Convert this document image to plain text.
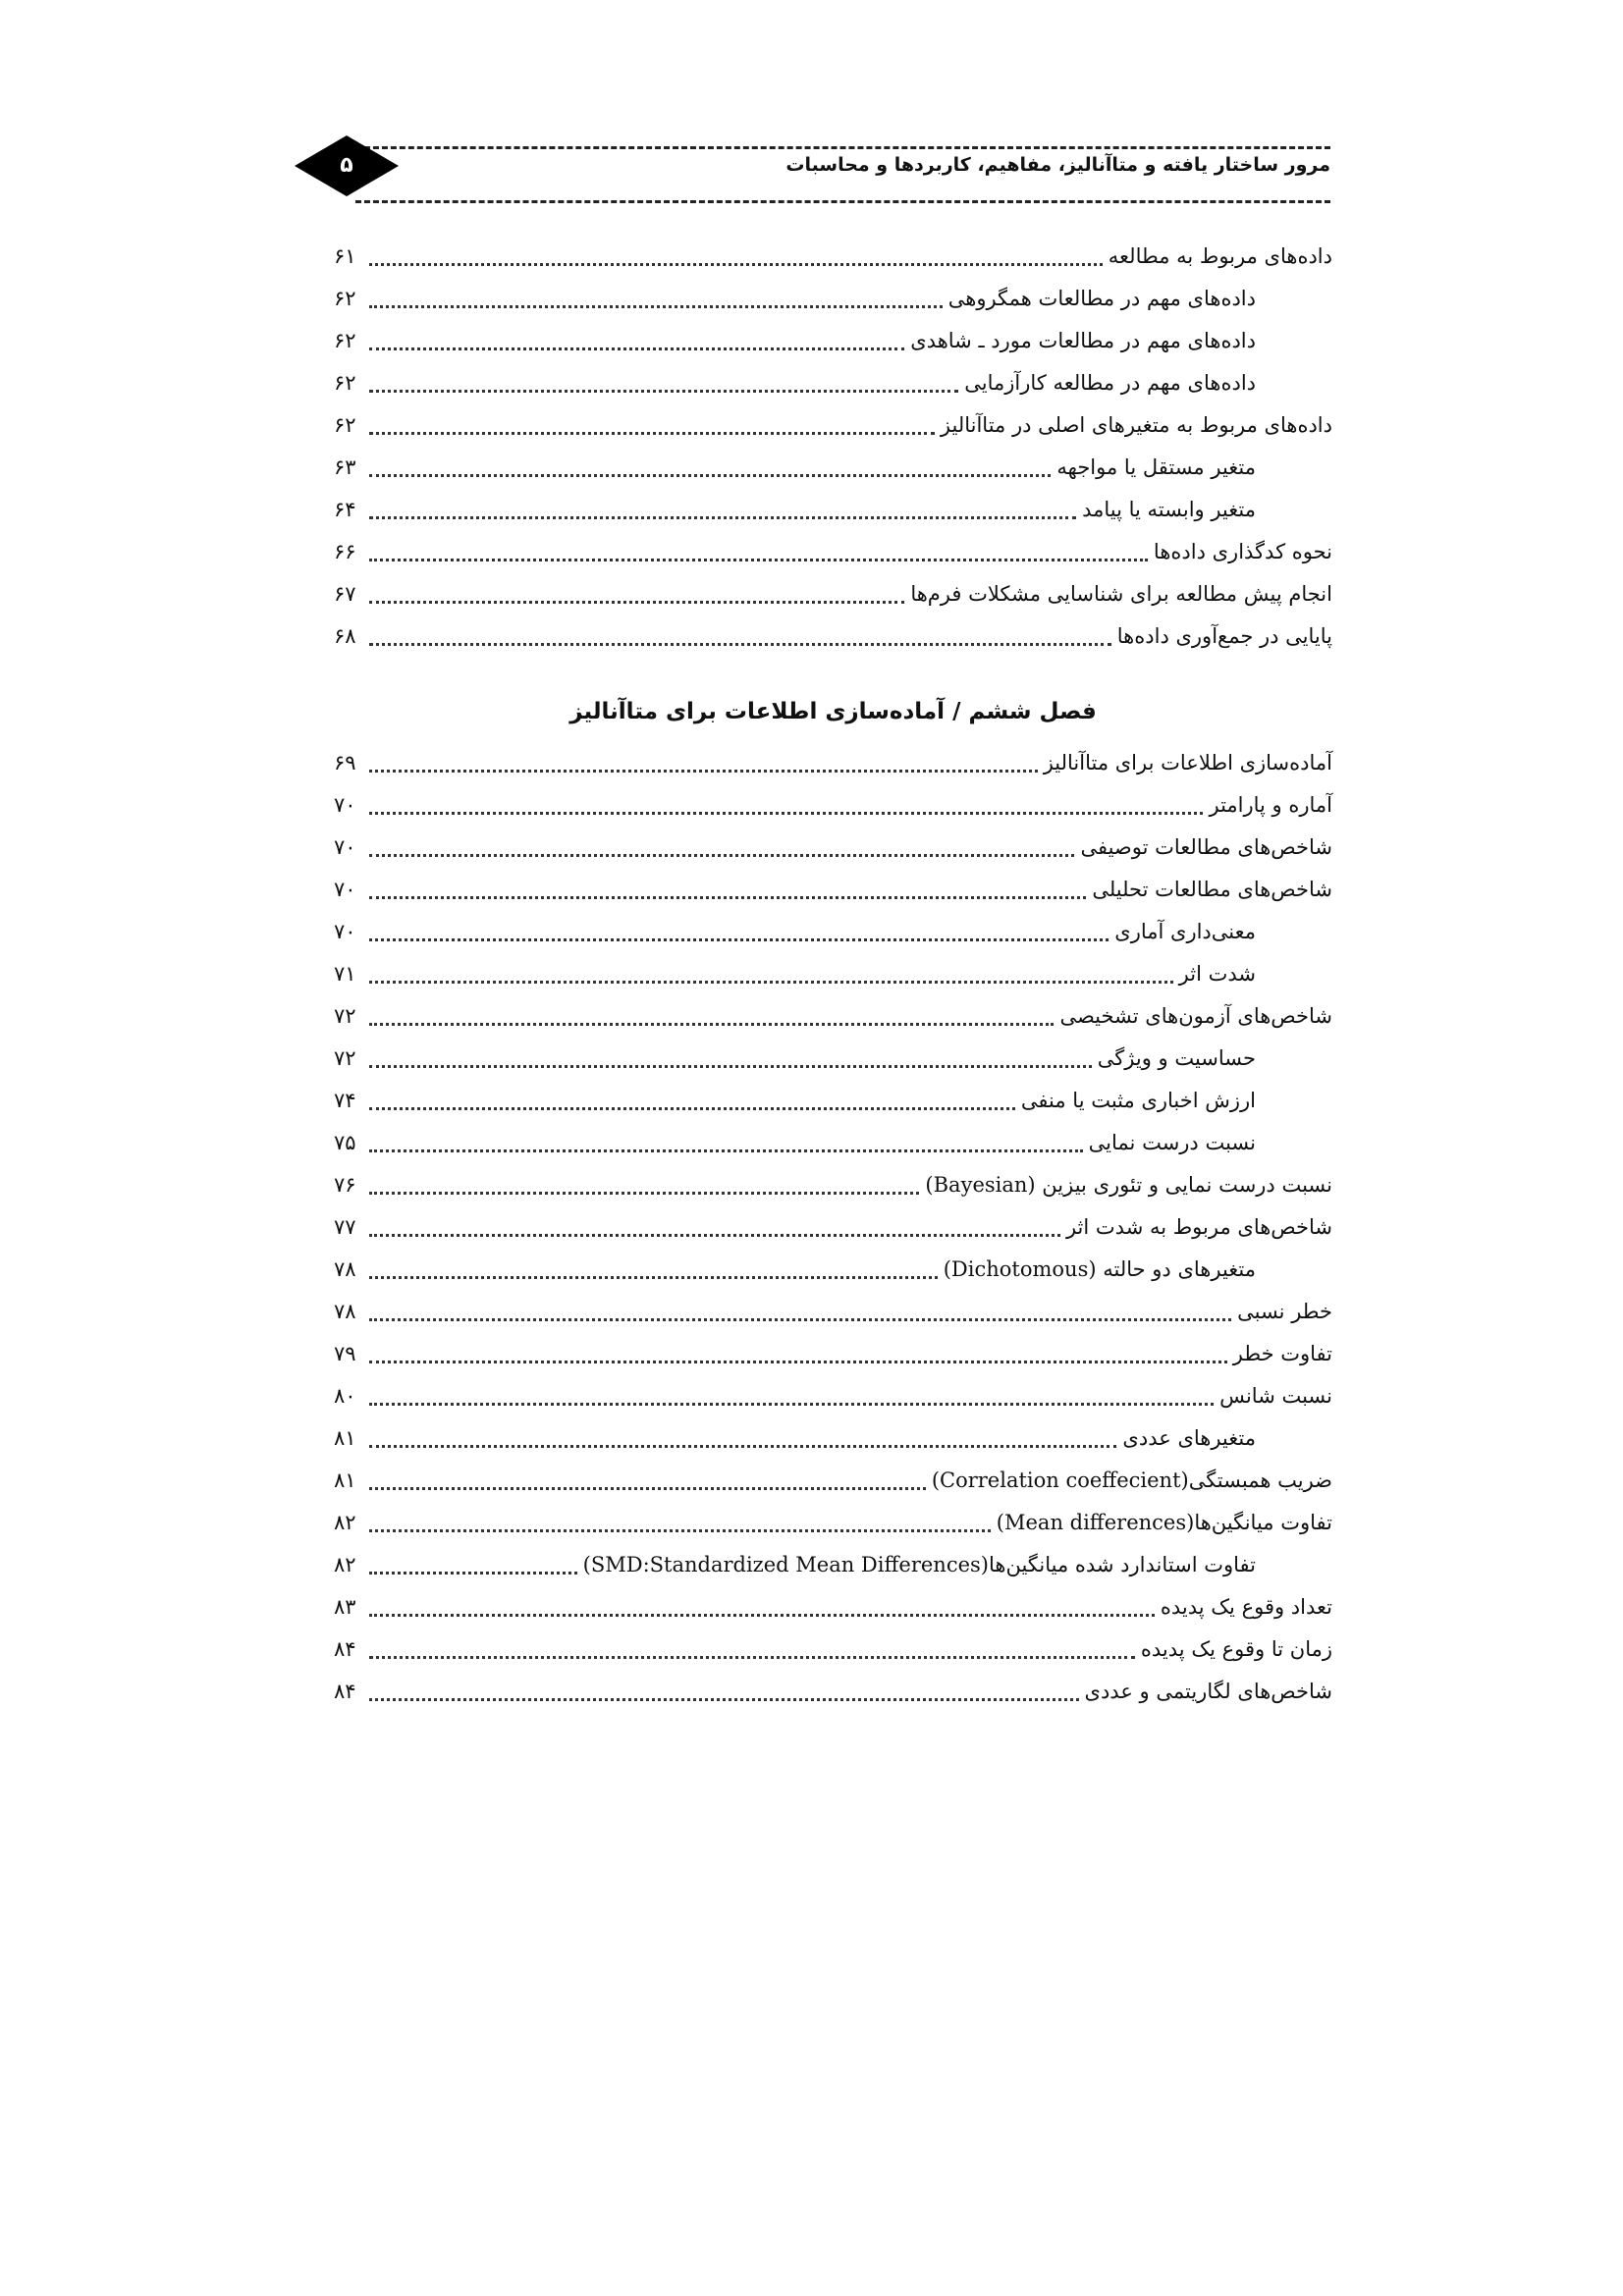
مرور ساختار یافته و متاآنالیز، مفاهیم، کاربردها و محاسبات
۵
داده‌های مربوط به مطالعه
۶۱
داده‌های مهم در مطالعات همگروهی
۶۲
داده‌های مهم در مطالعات مورد ـ شاهدی
۶۲
داده‌های مهم در مطالعه کارآزمایی
۶۲
داده‌های مربوط به متغیرهای اصلی در متاآنالیز
۶۲
متغیر مستقل یا مواجهه
۶۳
متغیر وابسته یا پیامد
۶۴
نحوه کدگذاری داده‌ها
۶۶
انجام پیش مطالعه برای شناسایی مشکلات فرم‌ها
۶۷
پایایی در جمع‌آوری داده‌ها
۶۸
فصل ششم / آماده‌سازی اطلاعات برای متاآنالیز
آماده‌سازی اطلاعات برای متاآنالیز
۶۹
آماره و پارامتر
۷۰
شاخص‌های مطالعات توصیفی
۷۰
شاخص‌های مطالعات تحلیلی
۷۰
معنی‌داری آماری
۷۰
شدت اثر
۷۱
شاخص‌های آزمون‌های تشخیصی
۷۲
حساسیت و ویژگی
۷۲
ارزش اخباری مثبت یا منفی
۷۴
نسبت درست نمایی
۷۵
نسبت درست نمایی و تئوری بیزین (Bayesian)
۷۶
شاخص‌های مربوط به شدت اثر
۷۷
متغیرهای دو حالته (Dichotomous)
۷۸
خطر نسبی
۷۸
تفاوت خطر
۷۹
نسبت شانس
۸۰
متغیرهای عددی
۸۱
ضریب همبستگی(Correlation coeffecient)
۸۱
تفاوت میانگین‌ها(Mean differences)
۸۲
تفاوت استاندارد شده میانگین‌ها(SMD:Standardized Mean Differences)
۸۲
تعداد وقوع یک پدیده
۸۳
زمان تا وقوع یک پدیده
۸۴
شاخص‌های لگاریتمی و عددی
۸۴
